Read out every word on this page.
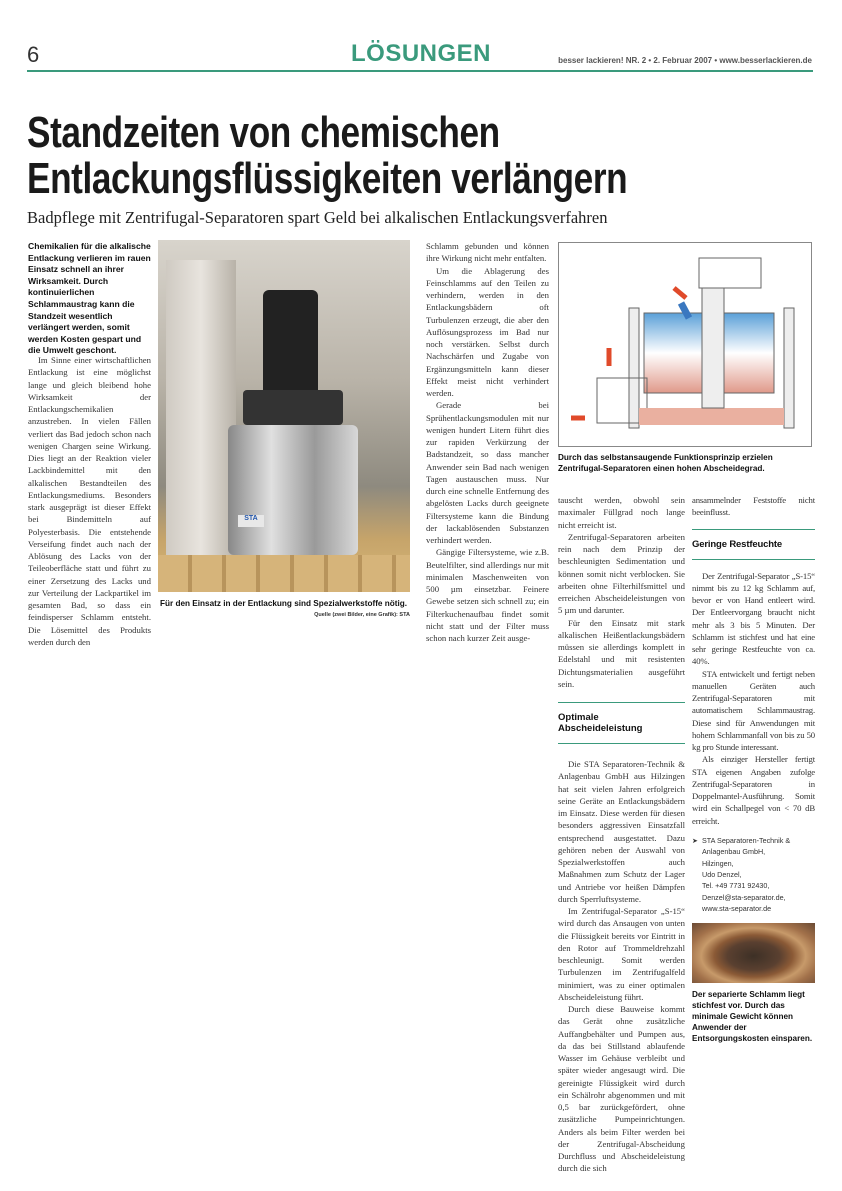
6	LÖSUNGEN	besser lackieren! NR. 2 • 2. Februar 2007 • www.besserlackieren.de
Standzeiten von chemischen
Entlackungsflüssigkeiten verlängern
Badpflege mit Zentrifugal-Separatoren spart Geld bei alkalischen Entlackungsverfahren
Chemikalien für die alkalische Entlackung verlieren im rauen Einsatz schnell an ihrer Wirksamkeit. Durch kontinuierlichen Schlammaustrag kann die Standzeit wesentlich verlängert werden, somit werden Kosten gespart und die Umwelt geschont.

Im Sinne einer wirtschaftlichen Entlackung ist eine möglichst lange und gleich bleibend hohe Wirksamkeit der Entlackungschemikalien anzustreben. In vielen Fällen verliert das Bad jedoch schon nach wenigen Chargen seine Wirkung. Dies liegt an der Reaktion vieler Lackbindemittel mit den alkalischen Bestandteilen des Entlackungsmediums. Besonders stark ausgeprägt ist dieser Effekt bei Bindemitteln auf Polyesterbasis. Die entstehende Verseifung findet auch nach der Ablösung des Lacks von der Teileoberfläche statt und führt zu einer Zersetzung des Lacks und zur Verteilung der Lackpartikel im gesamten Bad, so dass ein feindisperser Schlamm entsteht. Die Lösemittel des Produkts werden durch den

STA
Für den Einsatz in der Entlackung sind Spezialwerkstoffe nötig.
Quelle (zwei Bilder, eine Grafik): STA

Schlamm gebunden und können ihre Wirkung nicht mehr entfalten.

Um die Ablagerung des Feinschlamms auf den Teilen zu verhindern, werden in den Entlackungsbädern oft Turbulenzen erzeugt, die aber den Auflösungsprozess im Bad nur noch verstärken. Selbst durch Nachschärfen und Zugabe von Ergänzungsmitteln kann dieser Effekt meist nicht verhindert werden.

Gerade bei Sprühentlackungsmodulen mit nur wenigen hundert Litern führt dies zur rapiden Verkürzung der Badstandzeit, so dass mancher Anwender sein Bad nach wenigen Tagen austauschen muss. Nur durch eine schnelle Entfernung des abgelösten Lacks durch geeignete Filtersysteme kann die Bindung der lackablösenden Substanzen verhindert werden.

Gängige Filtersysteme, wie z.B. Beutelfilter, sind allerdings nur mit minimalen Maschenweiten von 500 µm einsetzbar. Feinere Gewebe setzen sich schnell zu; ein Filterkuchenaufbau findet somit nicht statt und der Filter muss schon nach kurzer Zeit ausge-

Durch das selbstansaugende Funktionsprinzip erzielen Zentrifugal-Separatoren einen hohen Abscheidegrad.

tauscht werden, obwohl sein maximaler Füllgrad noch lange nicht erreicht ist.

Zentrifugal-Separatoren arbeiten rein nach dem Prinzip der beschleunigten Sedimentation und können somit nicht verblocken. Sie arbeiten ohne Filterhilfsmittel und erreichen Abscheideleistungen von 5 µm und darunter.

Für den Einsatz mit stark alkalischen Heißentlackungsbädern müssen sie allerdings komplett in Edelstahl und mit resistenten Dichtungsmaterialien ausgeführt sein.

Optimale Abscheideleistung

Die STA Separatoren-Technik & Anlagenbau GmbH aus Hilzingen hat seit vielen Jahren erfolgreich seine Geräte an Entlackungsbädern im Einsatz. Diese werden für diesen besonders aggressiven Einsatzfall entsprechend ausgestattet. Dazu gehören neben der Auswahl von Spezialwerkstoffen auch Maßnahmen zum Schutz der Lager und Antriebe vor heißen Dämpfen durch Sperrluftsysteme.

Im Zentrifugal-Separator „S-15“ wird durch das Ansaugen von unten die Flüssigkeit bereits vor Eintritt in den Rotor auf Trommeldrehzahl beschleunigt. Somit werden Turbulenzen im Zentrifugalfeld minimiert, was zu einer optimalen Abscheideleistung führt.

Durch diese Bauweise kommt das Gerät ohne zusätzliche Auffangbehälter und Pumpen aus, da das bei Stillstand ablaufende Wasser im Gehäuse verbleibt und später wieder angesaugt wird. Die gereinigte Flüssigkeit wird durch ein Schälrohr abgenommen und mit 0,5 bar zurückgefördert, ohne zusätzliche Pumpeinrichtungen. Anders als beim Filter werden bei der Zentrifugal-Abscheidung Durchfluss und Abscheideleistung durch die sich

ansammelnder Feststoffe nicht beeinflusst.

Geringe Restfeuchte

Der Zentrifugal-Separator „S-15“ nimmt bis zu 12 kg Schlamm auf, bevor er von Hand entleert wird. Der Entleervorgang braucht nicht mehr als 3 bis 5 Minuten. Der Schlamm ist stichfest und hat eine sehr geringe Restfeuchte von ca. 40%.

STA entwickelt und fertigt neben manuellen Geräten auch Zentrifugal-Separatoren mit automatischem Schlammaustrag. Diese sind für Anwendungen mit hohem Schlammanfall von bis zu 50 kg pro Stunde interessant.

Als einziger Hersteller fertigt STA eigenen Angaben zufolge Zentrifugal-Separatoren in Doppelmantel-Ausführung. Somit wird ein Schallpegel von < 70 dB erreicht.

➤ STA Separatoren-Technik &
Anlagenbau GmbH,
Hilzingen,
Udo Denzel,
Tel. +49 7731 92430,
Denzel@sta-separator.de,
www.sta-separator.de
Der separierte Schlamm liegt stichfest vor. Durch das minimale Gewicht können Anwender der Entsorgungskosten einsparen.
